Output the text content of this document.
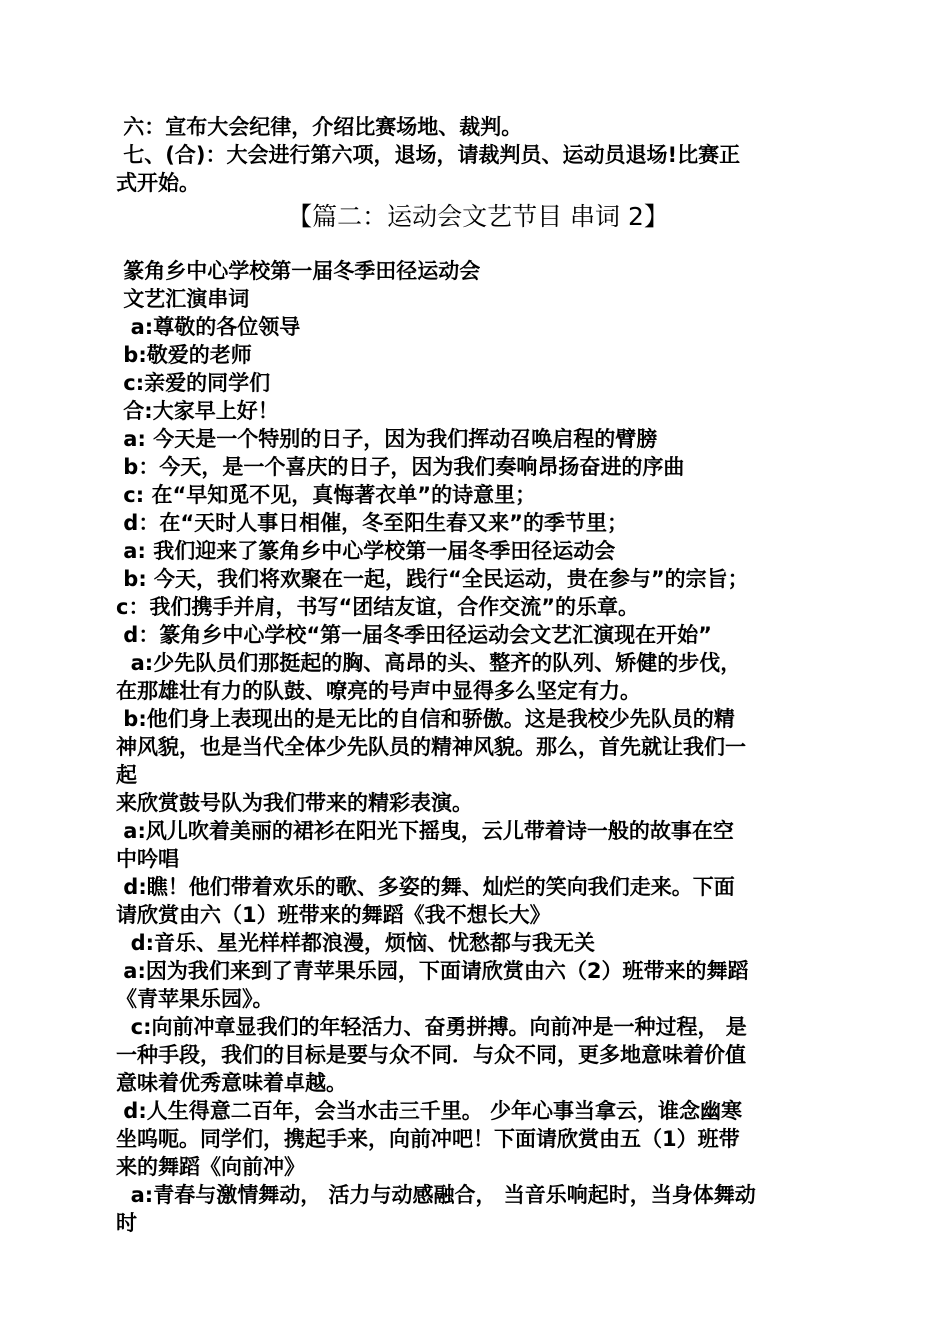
六：宣布大会纪律，介绍比赛场地、裁判。
七、(合)：大会进行第六项，退场，请裁判员、运动员退场!比赛正
式开始。
【篇二：运动会文艺节目 串词 2】
篆角乡中心学校第一届冬季田径运动会
文艺汇演串词
a:尊敬的各位领导
b:敬爱的老师
c:亲爱的同学们
合:大家早上好！
a: 今天是一个特别的日子，因为我们挥动召唤启程的臂膀
b：今天，是一个喜庆的日子，因为我们奏响昂扬奋进的序曲
c: 在“早知觅不见，真悔著衣单”的诗意里；
d：在“天时人事日相催，冬至阳生春又来”的季节里；
a: 我们迎来了篆角乡中心学校第一届冬季田径运动会
b: 今天，我们将欢聚在一起，践行“全民运动，贵在参与”的宗旨；
c：我们携手并肩，书写“团结友谊，合作交流”的乐章。
d：篆角乡中心学校“第一届冬季田径运动会文艺汇演现在开始”
a:少先队员们那挺起的胸、高昂的头、整齐的队列、矫健的步伐，
在那雄壮有力的队鼓、嘹亮的号声中显得多么坚定有力。
b:他们身上表现出的是无比的自信和骄傲。这是我校少先队员的精
神风貌，也是当代全体少先队员的精神风貌。那么，首先就让我们一
起
来欣赏鼓号队为我们带来的精彩表演。
a:风儿吹着美丽的裙衫在阳光下摇曳，云儿带着诗一般的故事在空
中吟唱
d:瞧！他们带着欢乐的歌、多姿的舞、灿烂的笑向我们走来。下面
请欣赏由六（1）班带来的舞蹈《我不想长大》
d:音乐、星光样样都浪漫，烦恼、忧愁都与我无关
a:因为我们来到了青苹果乐园，下面请欣赏由六（2）班带来的舞蹈
《青苹果乐园》。
c:向前冲章显我们的年轻活力、奋勇拼搏。向前冲是一种过程， 是
一种手段，我们的目标是要与众不同．与众不同，更多地意味着价值
意味着优秀意味着卓越。
d:人生得意二百年，会当水击三千里。 少年心事当拿云，谁念幽寒
坐呜呃。同学们，携起手来，向前冲吧！下面请欣赏由五（1）班带
来的舞蹈《向前冲》
a:青春与激情舞动， 活力与动感融合， 当音乐响起时，当身体舞动
时
